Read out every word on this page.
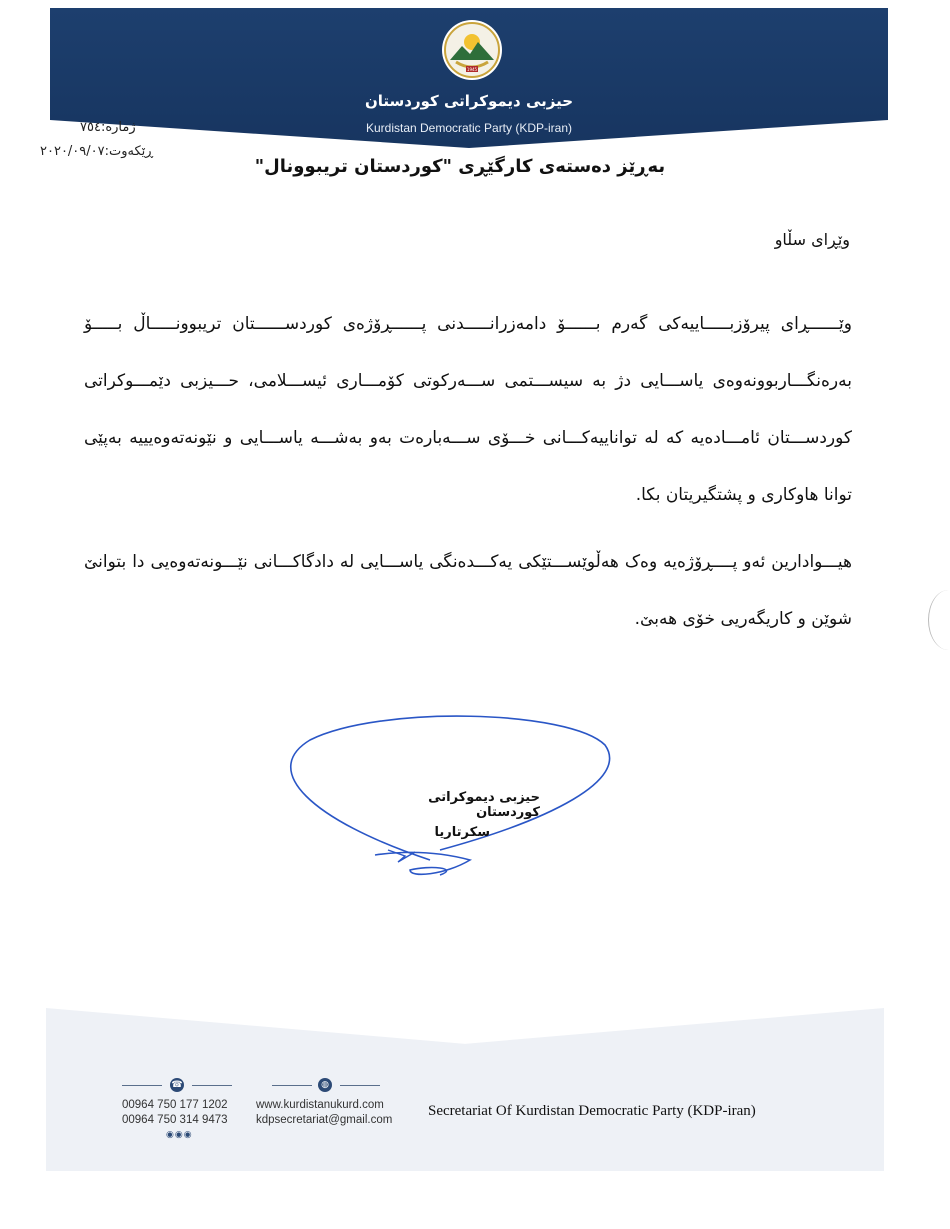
1945
حیزبی دیموکراتی کوردستان
Kurdistan Democratic Party (KDP-iran)
ژمارە:٧٥٤
ڕێکەوت:٢٠٢٠/٠٩/٠٧
بەڕێز دەستەی کارگێڕی "کوردستان تریبوونال"
وێڕای سڵاو
وێــــــڕای پیرۆزبـــــاییەکی گەرم بــــــۆ دامەزرانـــــدنی پــــــڕۆژەی کوردســــــتان تریبوونـــــاڵ بـــــۆ بەرەنگـــاربوونەوەی یاســـایی دژ بە سیســـتمی ســـەرکوتی کۆمـــاری ئیســـلامی، حـــیزبی دێمـــوکراتی کوردســـتان ئامـــادەیە کە لە تواناییەکـــانی خـــۆی ســـەبارەت بەو بەشـــە یاســـایی و نێونەتەوەیییە بەپێی توانا هاوکاری و پشتگیریتان بکا.
هیـــوادارین ئەو پــــڕۆژەیە وەک هەڵوێســـتێکی یەکـــدەنگی یاســـایی لە دادگاکـــانی نێـــونەتەوەیی دا بتوانێ شوێن و کاریگەریی خۆی هەبێ.
حیزبی دیموکراتی کوردستان
سکرتاریا
☎	◍
00964 750 177 1202
00964 750 314 9473
◉◉◉
www.kurdistanukurd.com
kdpsecretariat@gmail.com
Secretariat Of Kurdistan Democratic Party (KDP-iran)
